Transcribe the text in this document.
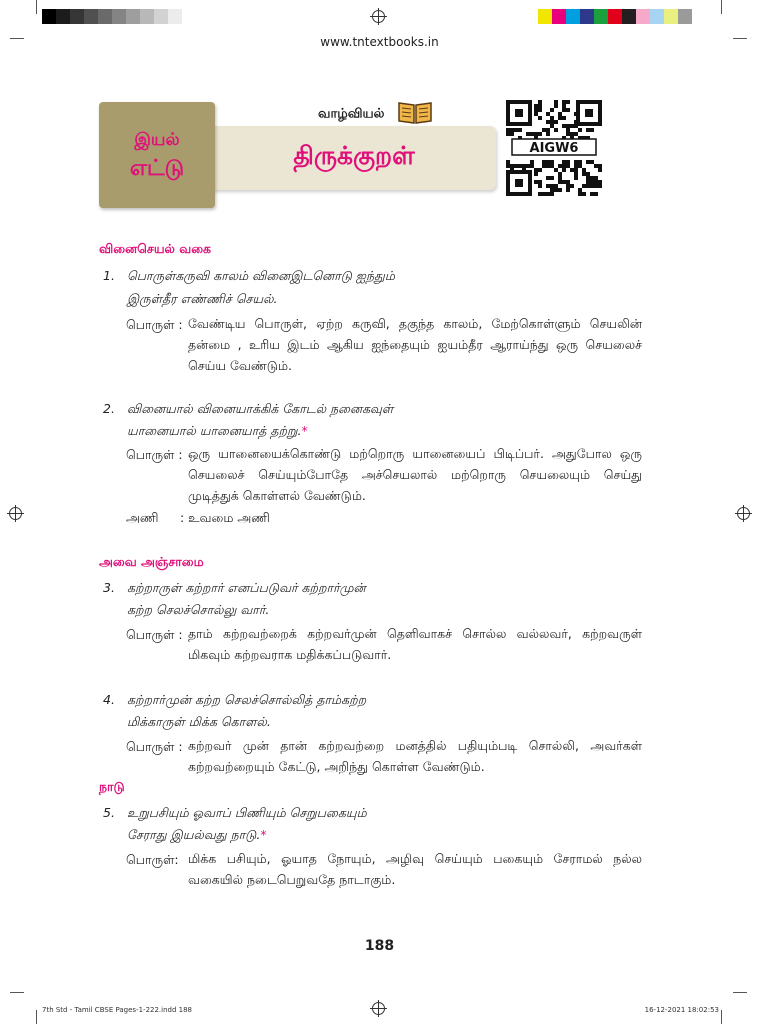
www.tntextbooks.in
திருக்குறள்
இயல்
எட்டு
வாழ்வியல்
AIGW6
வினைசெயல் வகை
1. பொருள்கருவி காலம் வினைஇடனொடு ஐந்தும்
இருள்தீர எண்ணிச் செயல்.
பொருள் : வேண்டிய பொருள், ஏற்ற கருவி, தகுந்த காலம், மேற்கொள்ளும் செயலின் தன்மை , உரிய இடம் ஆகிய ஐந்தையும் ஐயம்தீர ஆராய்ந்து ஒரு செயலைச் செய்ய வேண்டும்.
2. வினையால் வினையாக்கிக் கோடல் நனைகவுள்
யானையால் யானையாத் தற்று.*
பொருள் : ஒரு யானையைக்கொண்டு மற்றொரு யானையைப் பிடிப்பர். அதுபோல ஒரு செயலைச் செய்யும்போதே அச்செயலால் மற்றொரு செயலையும் செய்து முடித்துக் கொள்ளல் வேண்டும்.
அணி : உவமை அணி
அவை அஞ்சாமை
3. கற்றாருள் கற்றார் எனப்படுவர் கற்றார்முன்
கற்ற செலச்சொல்லு வார்.
பொருள் : தாம் கற்றவற்றைக் கற்றவர்முன் தெளிவாகச் சொல்ல வல்லவர், கற்றவருள் மிகவும் கற்றவராக மதிக்கப்படுவார்.
4. கற்றார்முன் கற்ற செலச்சொல்லித் தாம்கற்ற
மிக்காருள் மிக்க கொளல்.
பொருள் : கற்றவர் முன் தான் கற்றவற்றை மனத்தில் பதியும்படி சொல்லி, அவர்கள் கற்றவற்றையும் கேட்டு, அறிந்து கொள்ள வேண்டும்.
நாடு
5. உறுபசியும் ஓவாப் பிணியும் செறுபகையும்
சேராது இயல்வது நாடு.*
பொருள்: மிக்க பசியும், ஓயாத நோயும், அழிவு செய்யும் பகையும் சேராமல் நல்ல வகையில் நடைபெறுவதே நாடாகும்.
188
7th Std - Tamil CBSE Pages-1-222.indd 188	16-12-2021 18:02:53
